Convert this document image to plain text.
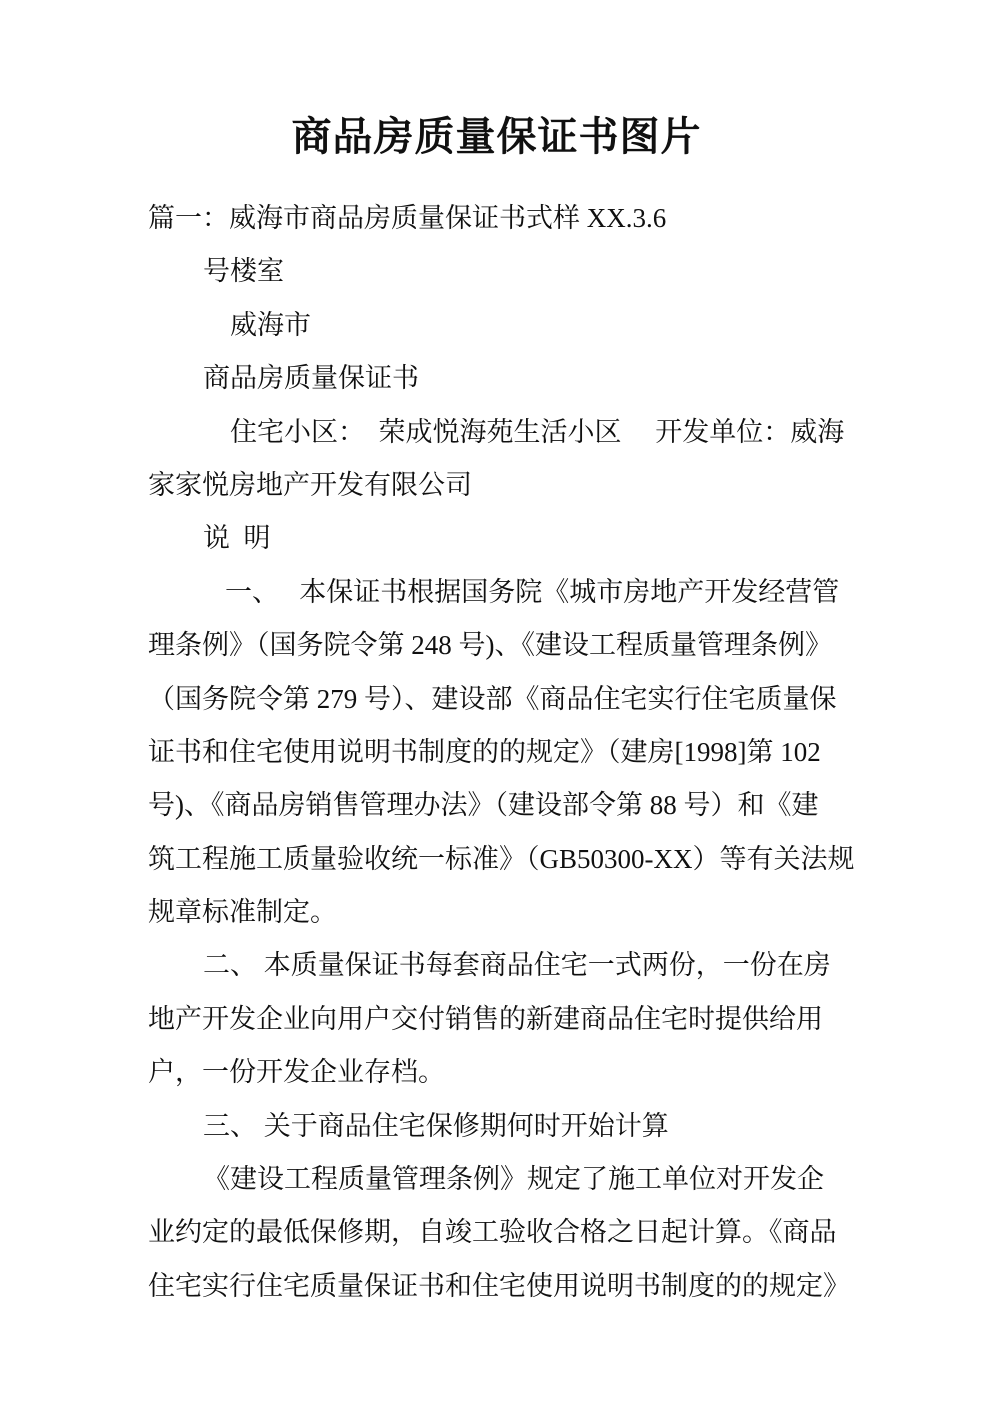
商品房质量保证书图片
篇一：威海市商品房质量保证书式样 XX.3.6
号楼室
威海市
商品房质量保证书
住宅小区：　荣成悦海苑生活小区　 开发单位：威海
家家悦房地产开发有限公司
说  明
一、   本保证书根据国务院《城市房地产开发经营管
理条例》（国务院令第 248 号)、《建设工程质量管理条例》
（国务院令第 279 号）、建设部《商品住宅实行住宅质量保
证书和住宅使用说明书制度的的规定》（建房[1998]第 102
号)、《商品房销售管理办法》（建设部令第 88 号）和《建
筑工程施工质量验收统一标准》（GB50300-XX）等有关法规
规章标准制定。
二、 本质量保证书每套商品住宅一式两份，一份在房
地产开发企业向用户交付销售的新建商品住宅时提供给用
户，一份开发企业存档。
三、 关于商品住宅保修期何时开始计算
《建设工程质量管理条例》规定了施工单位对开发企
业约定的最低保修期，自竣工验收合格之日起计算。《商品
住宅实行住宅质量保证书和住宅使用说明书制度的的规定》
